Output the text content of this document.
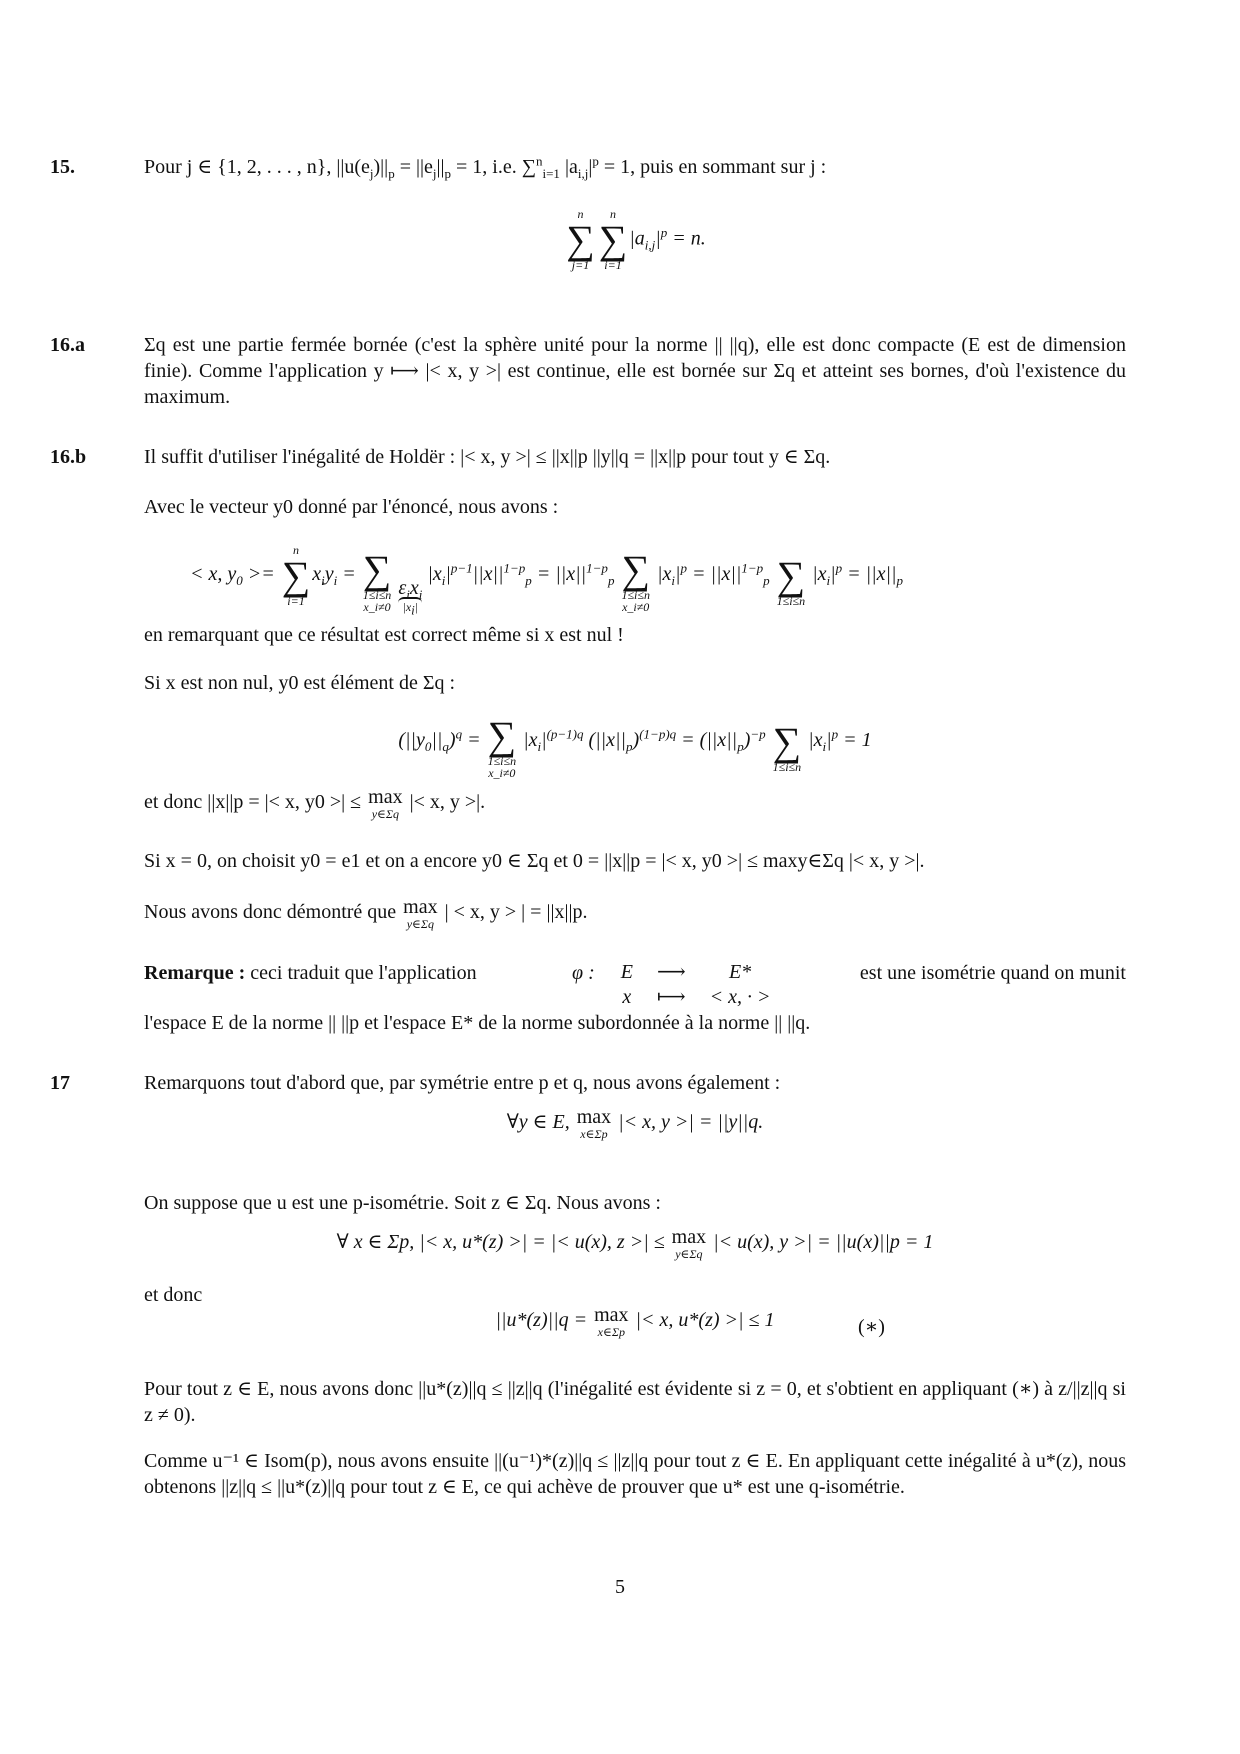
15.	Pour j ∈ {1, 2, . . . , n}, $||u(e_j)||_p = ||e_j||_p = 1$, i.e. ∑$^n_{i=1}$ $|a_{i,j}|^p = 1$, puis en sommant sur j :
n
∑
j=1
n
∑
i=1
$|a_{i,j}|^p = n$.
16.a	Σq est une partie fermée bornée (c'est la sphère unité pour la norme || ||q), elle est donc compacte (E est de dimension finie). Comme l'application y ⟼ |< x, y >| est continue, elle est bornée sur Σq et atteint ses bornes, d'où l'existence du maximum.
16.b	Il suffit d'utiliser l'inégalité de Holdër : |< x, y >| ≤ ||x||p ||y||q = ||x||p pour tout y ∈ Σq.
Avec le vecteur y0 donné par l'énoncé, nous avons :
< x, $y_0$ >=
n
∑
i=1
$x_iy_i$ =
∑
1≤i≤n
x_i≠0

$\varepsilon_ix_i$
$|x_i|$
$|x_i|^{p-1}||x||^{1-p}_p = ||x||^{1-p}_p$
∑
1≤i≤n
x_i≠0
$|x_i|^p = ||x||^{1-p}_p$
∑
1≤i≤n
$|x_i|^p = ||x||_p$
en remarquant que ce résultat est correct même si x est nul !
Si x est non nul, y0 est élément de Σq :
$(||y_0||_q)^q$ =
∑
1≤i≤n
x_i≠0
$|x_i|^{(p-1)q}$ $(||x||_p)^{(1-p)q} = (||x||_p)^{-p}$
∑
1≤i≤n
$|x_i|^p = 1$
et donc ||x||p = |< x, y0 >| ≤ max
y∈Σq
|< x, y >|.
Si x = 0, on choisit y0 = e1 et on a encore y0 ∈ Σq et 0 = ||x||p = |< x, y0 >| ≤ maxy∈Σq |< x, y >|.
Nous avons donc démontré que max
y∈Σq
| < x, y > | = ||x||p.
Remarque : ceci traduit que l'application	φ : E	⟶	E*
x	⟼	< x, · >
est une isométrie quand on munit
l'espace E de la norme || ||p et l'espace E* de la norme subordonnée à la norme || ||q.
17	Remarquons tout d'abord que, par symétrie entre p et q, nous avons également :
∀y ∈ E, max
x∈Σp
|< x, y >| = ||y||q.
On suppose que u est une p-isométrie. Soit z ∈ Σq. Nous avons :
∀ x ∈ Σp, |< x, u*(z) >| = |< u(x), z >| ≤ max
y∈Σq
|< u(x), y >| = ||u(x)||p = 1
et donc
||u*(z)||q = max
x∈Σp
|< x, u*(z) >| ≤ 1	(∗)
Pour tout z ∈ E, nous avons donc ||u*(z)||q ≤ ||z||q (l'inégalité est évidente si z = 0, et s'obtient en appliquant (∗) à z/||z||q si z ≠ 0).
Comme u⁻¹ ∈ Isom(p), nous avons ensuite ||(u⁻¹)*(z)||q ≤ ||z||q pour tout z ∈ E. En appliquant cette inégalité à u*(z), nous obtenons ||z||q ≤ ||u*(z)||q pour tout z ∈ E, ce qui achève de prouver que u* est une q-isométrie.
5
